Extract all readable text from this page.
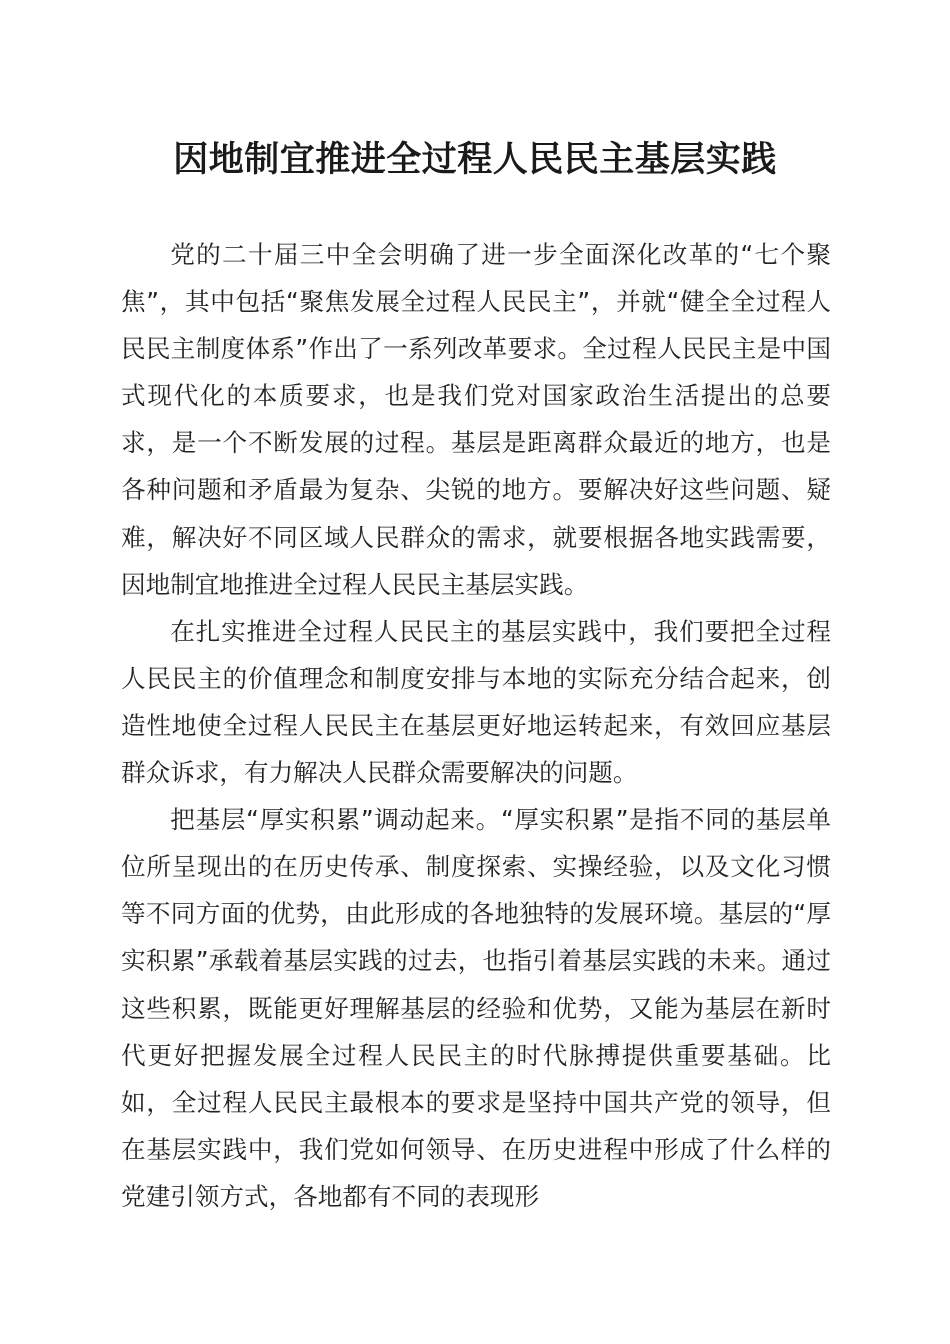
因地制宜推进全过程人民民主基层实践

党的二十届三中全会明确了进一步全面深化改革的“七个聚焦”，其中包括“聚焦发展全过程人民民主”，并就“健全全过程人民民主制度体系”作出了一系列改革要求。全过程人民民主是中国式现代化的本质要求，也是我们党对国家政治生活提出的总要求，是一个不断发展的过程。基层是距离群众最近的地方，也是各种问题和矛盾最为复杂、尖锐的地方。要解决好这些问题、疑难，解决好不同区域人民群众的需求，就要根据各地实践需要，因地制宜地推进全过程人民民主基层实践。

在扎实推进全过程人民民主的基层实践中，我们要把全过程人民民主的价值理念和制度安排与本地的实际充分结合起来，创造性地使全过程人民民主在基层更好地运转起来，有效回应基层群众诉求，有力解决人民群众需要解决的问题。

把基层“厚实积累”调动起来。“厚实积累”是指不同的基层单位所呈现出的在历史传承、制度探索、实操经验，以及文化习惯等不同方面的优势，由此形成的各地独特的发展环境。基层的“厚实积累”承载着基层实践的过去，也指引着基层实践的未来。通过这些积累，既能更好理解基层的经验和优势，又能为基层在新时代更好把握发展全过程人民民主的时代脉搏提供重要基础。比如，全过程人民民主最根本的要求是坚持中国共产党的领导，但在基层实践中，我们党如何领导、在历史进程中形成了什么样的党建引领方式，各地都有不同的表现形
